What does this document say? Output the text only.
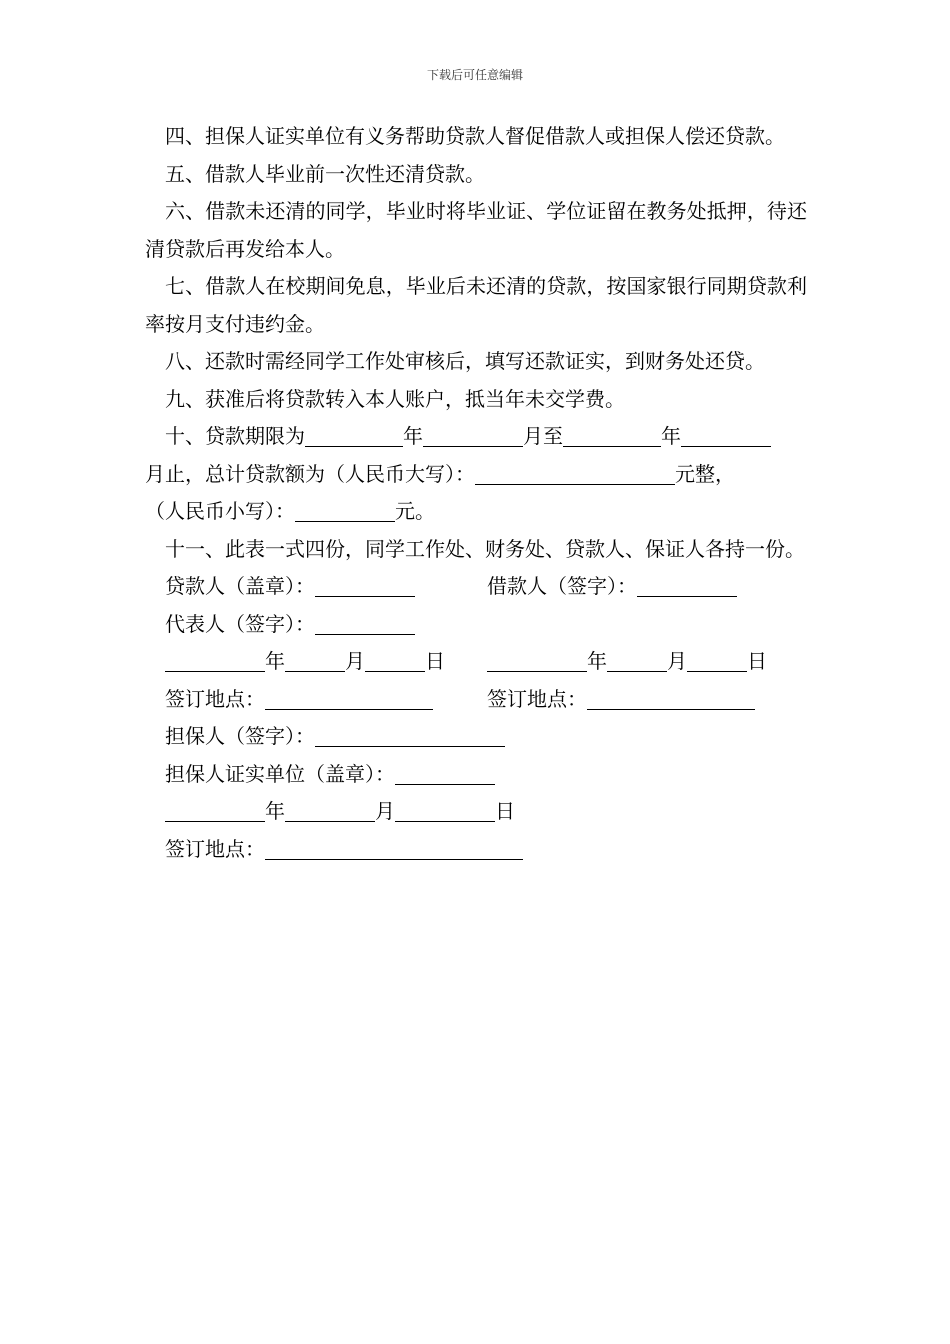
下载后可任意编辑

四、担保人证实单位有义务帮助贷款人督促借款人或担保人偿还贷款。

五、借款人毕业前一次性还清贷款。

六、借款未还清的同学，毕业时将毕业证、学位证留在教务处抵押，待还清贷款后再发给本人。

七、借款人在校期间免息，毕业后未还清的贷款，按国家银行同期贷款利率按月支付违约金。

八、还款时需经同学工作处审核后，填写还款证实，到财务处还贷。

九、获准后将贷款转入本人账户，抵当年未交学费。

十、贷款期限为	年	月至	年
月止，总计贷款额为（人民币大写）：	元整，
（人民币小写）：	元。

十一、此表一式四份，同学工作处、财务处、贷款人、保证人各持一份。

贷款人（盖章）：	借款人（签字）：
代表人（签字）：
年	月	日	年	月	日
签订地点：	签订地点：
担保人（签字）：
担保人证实单位（盖章）：
年	月	日
签订地点：
